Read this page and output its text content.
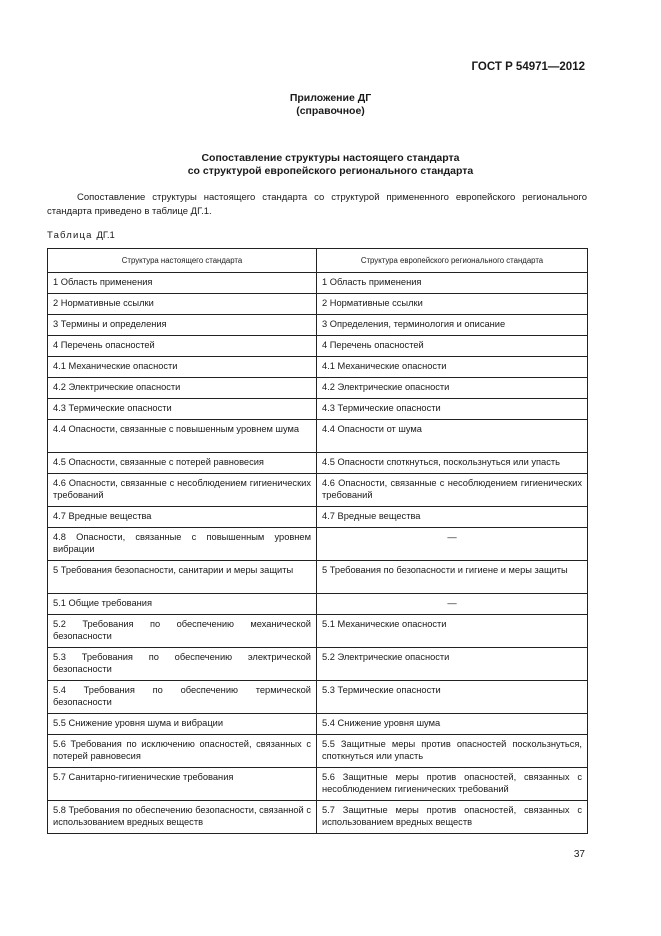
ГОСТ Р 54971—2012
Приложение ДГ
(справочное)
Сопоставление структуры настоящего стандарта
со структурой европейского регионального стандарта
Сопоставление структуры настоящего стандарта со структурой примененного европейского регионального стандарта приведено в таблице ДГ.1.
Таблица ДГ.1
Структура настоящего стандарта	Структура европейского регионального стандарта
1 Область применения	1 Область применения
2 Нормативные ссылки	2 Нормативные ссылки
3 Термины и определения	3 Определения, терминология и описание
4 Перечень опасностей	4 Перечень опасностей
4.1 Механические опасности	4.1 Механические опасности
4.2 Электрические опасности	4.2 Электрические опасности
4.3 Термические опасности	4.3 Термические опасности
4.4 Опасности, связанные с повышенным уровнем шума	4.4 Опасности от шума
4.5 Опасности, связанные с потерей равновесия	4.5 Опасности споткнуться, поскользнуться или упасть
4.6 Опасности, связанные с несоблюдением гигиенических требований	4.6 Опасности, связанные с несоблюдением гигиенических требований
4.7 Вредные вещества	4.7 Вредные вещества
4.8 Опасности, связанные с повышенным уровнем вибрации	—
5 Требования безопасности, санитарии и меры защиты	5 Требования по безопасности и гигиене и меры защиты
5.1 Общие требования	—
5.2 Требования по обеспечению механической безопасности	5.1 Механические опасности
5.3 Требования по обеспечению электрической безопасности	5.2 Электрические опасности
5.4 Требования по обеспечению термической безопасности	5.3 Термические опасности
5.5 Снижение уровня шума и вибрации	5.4 Снижение уровня шума
5.6 Требования по исключению опасностей, связанных с потерей равновесия	5.5 Защитные меры против опасностей поскользнуться, споткнуться или упасть
5.7 Санитарно-гигиенические требования	5.6 Защитные меры против опасностей, связанных с несоблюдением гигиенических требований
5.8 Требования по обеспечению безопасности, связанной с использованием вредных веществ	5.7 Защитные меры против опасностей, связанных с использованием вредных веществ
37
